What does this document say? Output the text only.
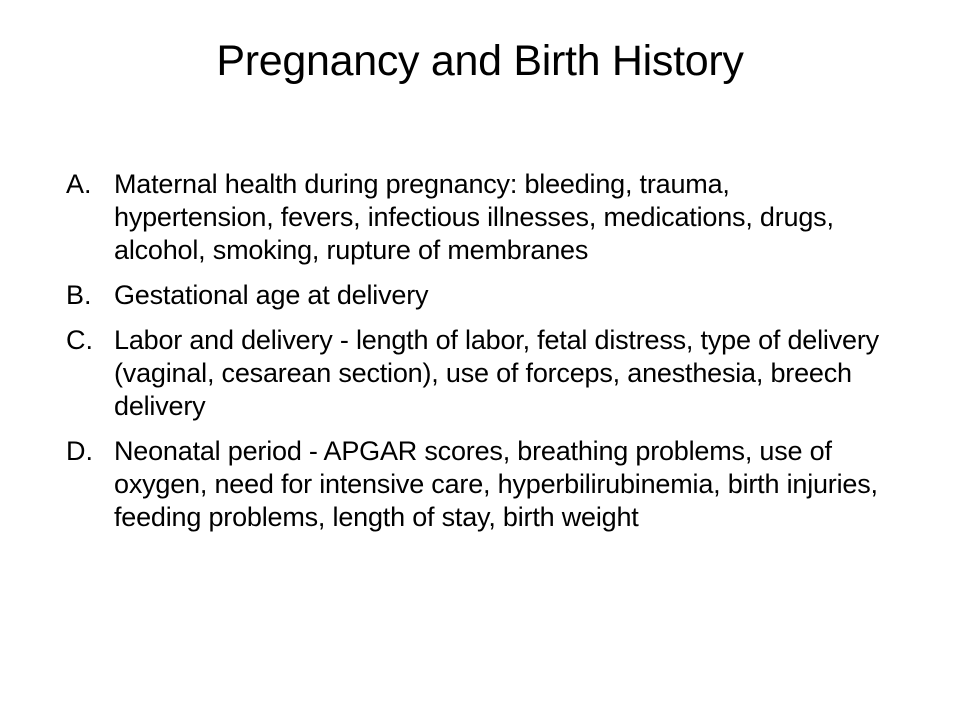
Pregnancy and Birth History
A. Maternal health during pregnancy: bleeding, trauma, hypertension, fevers, infectious illnesses, medications, drugs, alcohol, smoking, rupture of membranes
B. Gestational age at delivery
C. Labor and delivery - length of labor, fetal distress, type of delivery (vaginal, cesarean section), use of forceps, anesthesia, breech delivery
D. Neonatal period - APGAR scores, breathing problems, use of oxygen, need for intensive care, hyperbilirubinemia, birth injuries, feeding problems, length of stay, birth weight
